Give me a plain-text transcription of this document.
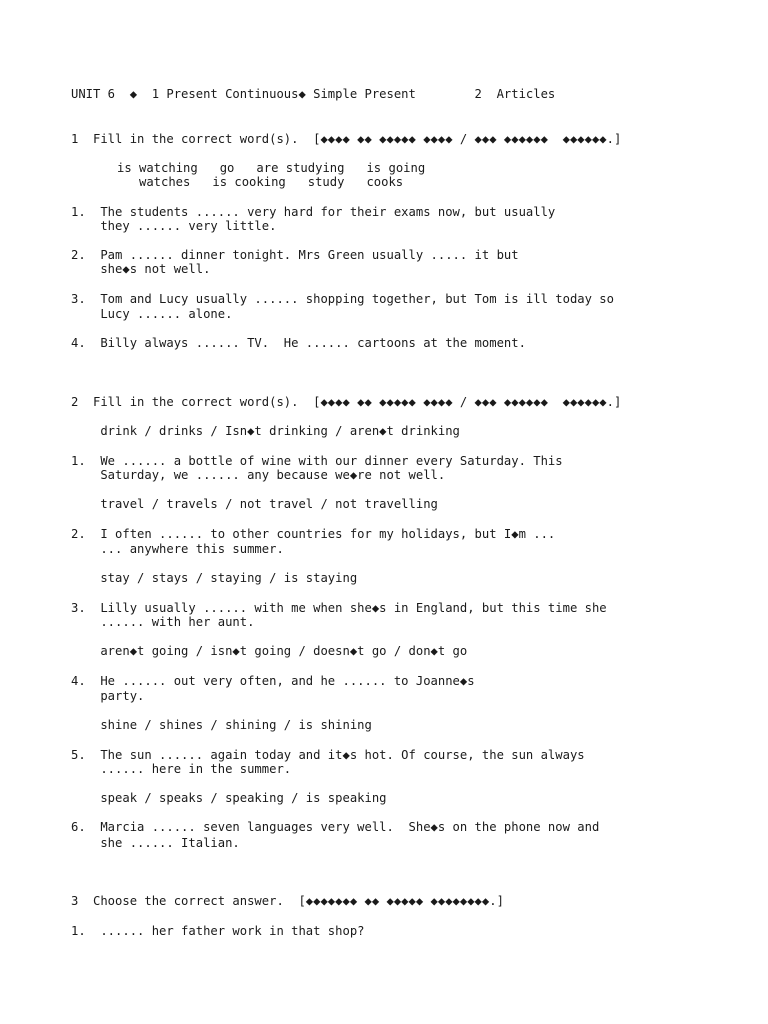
UNIT 6  ◆  1 Present Continuous◆ Simple Present        2  Articles
1  Fill in the correct word(s).  [◆◆◆◆ ◆◆ ◆◆◆◆◆ ◆◆◆◆ / ◆◆◆ ◆◆◆◆◆◆  ◆◆◆◆◆◆.]
is watching   go   are studying   is going
watches   is cooking   study   cooks
1.  The students ...... very hard for their exams now, but usually
they ...... very little.
2.  Pam ...... dinner tonight. Mrs Green usually ..... it but
she◆s not well.
3.  Tom and Lucy usually ...... shopping together, but Tom is ill today so
Lucy ...... alone.
4.  Billy always ...... TV.  He ...... cartoons at the moment.
2  Fill in the correct word(s).  [◆◆◆◆ ◆◆ ◆◆◆◆◆ ◆◆◆◆ / ◆◆◆ ◆◆◆◆◆◆  ◆◆◆◆◆◆.]
drink / drinks / Isn◆t drinking / aren◆t drinking
1.  We ...... a bottle of wine with our dinner every Saturday. This
Saturday, we ...... any because we◆re not well.
travel / travels / not travel / not travelling
2.  I often ...... to other countries for my holidays, but I◆m ...
... anywhere this summer.
stay / stays / staying / is staying
3.  Lilly usually ...... with me when she◆s in England, but this time she
...... with her aunt.
aren◆t going / isn◆t going / doesn◆t go / don◆t go
4.  He ...... out very often, and he ...... to Joanne◆s
party.
shine / shines / shining / is shining
5.  The sun ...... again today and it◆s hot. Of course, the sun always
...... here in the summer.
speak / speaks / speaking / is speaking
6.  Marcia ...... seven languages very well.  She◆s on the phone now and
she ...... Italian.
3  Choose the correct answer.  [◆◆◆◆◆◆◆ ◆◆ ◆◆◆◆◆ ◆◆◆◆◆◆◆◆.]
1.  ...... her father work in that shop?
